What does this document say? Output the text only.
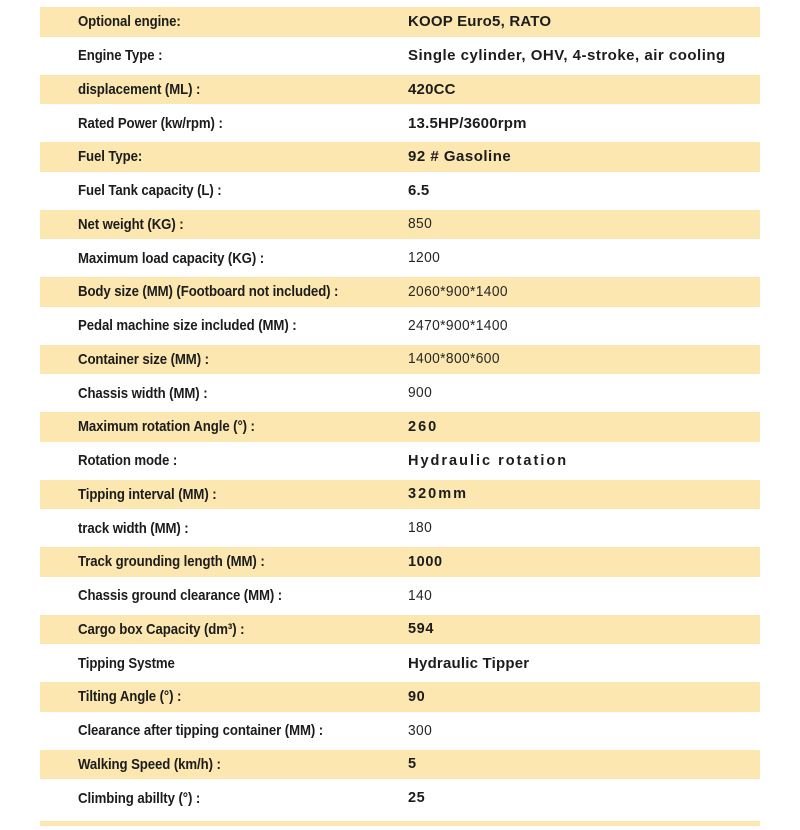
Optional engine:	KOOP Euro5, RATO
Engine Type :	Single cylinder, OHV, 4-stroke, air cooling
displacement (ML) :	420CC
Rated Power (kw/rpm) :	13.5HP/3600rpm
Fuel Type:	92 # Gasoline
Fuel Tank capacity (L) :	6.5
Net weight (KG) :	850
Maximum load capacity (KG) :	1200
Body size (MM) (Footboard not included) :	2060*900*1400
Pedal machine size included (MM) :	2470*900*1400
Container size (MM) :	1400*800*600
Chassis width (MM) :	900
Maximum rotation Angle (°) :	260
Rotation mode :	Hydraulic rotation
Tipping interval (MM) :	320mm
track width (MM) :	180
Track grounding length (MM) :	1000
Chassis ground clearance (MM) :	140
Cargo box Capacity (dm³) :	594
Tipping Systme	Hydraulic Tipper
Tilting Angle (°) :	90
Clearance after tipping container (MM) :	300
Walking Speed (km/h) :	5
Climbing abillty (°) :	25
